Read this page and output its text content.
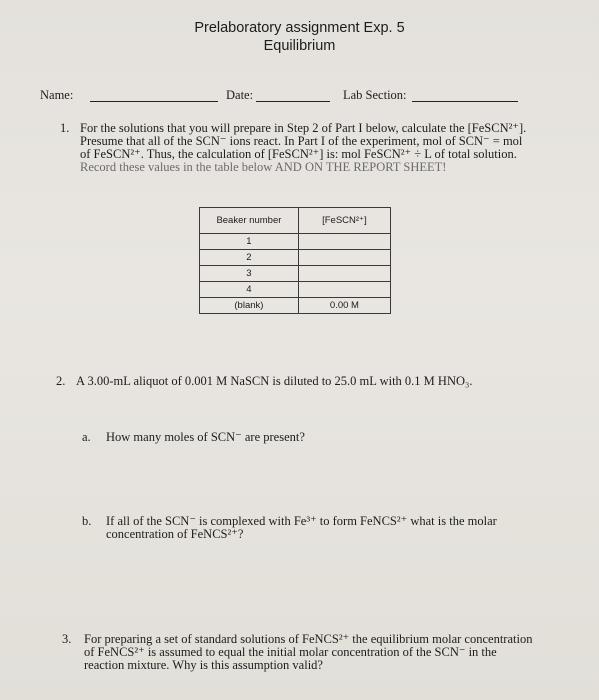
Prelaboratory assignment Exp. 5
Equilibrium
Name:	Date:	Lab Section:
1. For the solutions that you will prepare in Step 2 of Part I below, calculate the [FeSCN²⁺].
Presume that all of the SCN⁻ ions react. In Part I of the experiment, mol of SCN⁻ = mol
of FeSCN²⁺. Thus, the calculation of [FeSCN²⁺] is: mol FeSCN²⁺ ÷ L of total solution.
Record these values in the table below AND ON THE REPORT SHEET!
Beaker number	[FeSCN²⁺]
1	
2	
3	
4	
(blank)	0.00 M
2. A 3.00-mL aliquot of 0.001 M NaSCN is diluted to 25.0 mL with 0.1 M HNO₃.
a. How many moles of SCN⁻ are present?
b. If all of the SCN⁻ is complexed with Fe³⁺ to form FeNCS²⁺ what is the molar
concentration of FeNCS²⁺?
3. For preparing a set of standard solutions of FeNCS²⁺ the equilibrium molar concentration
of FeNCS²⁺ is assumed to equal the initial molar concentration of the SCN⁻ in the
reaction mixture. Why is this assumption valid?
